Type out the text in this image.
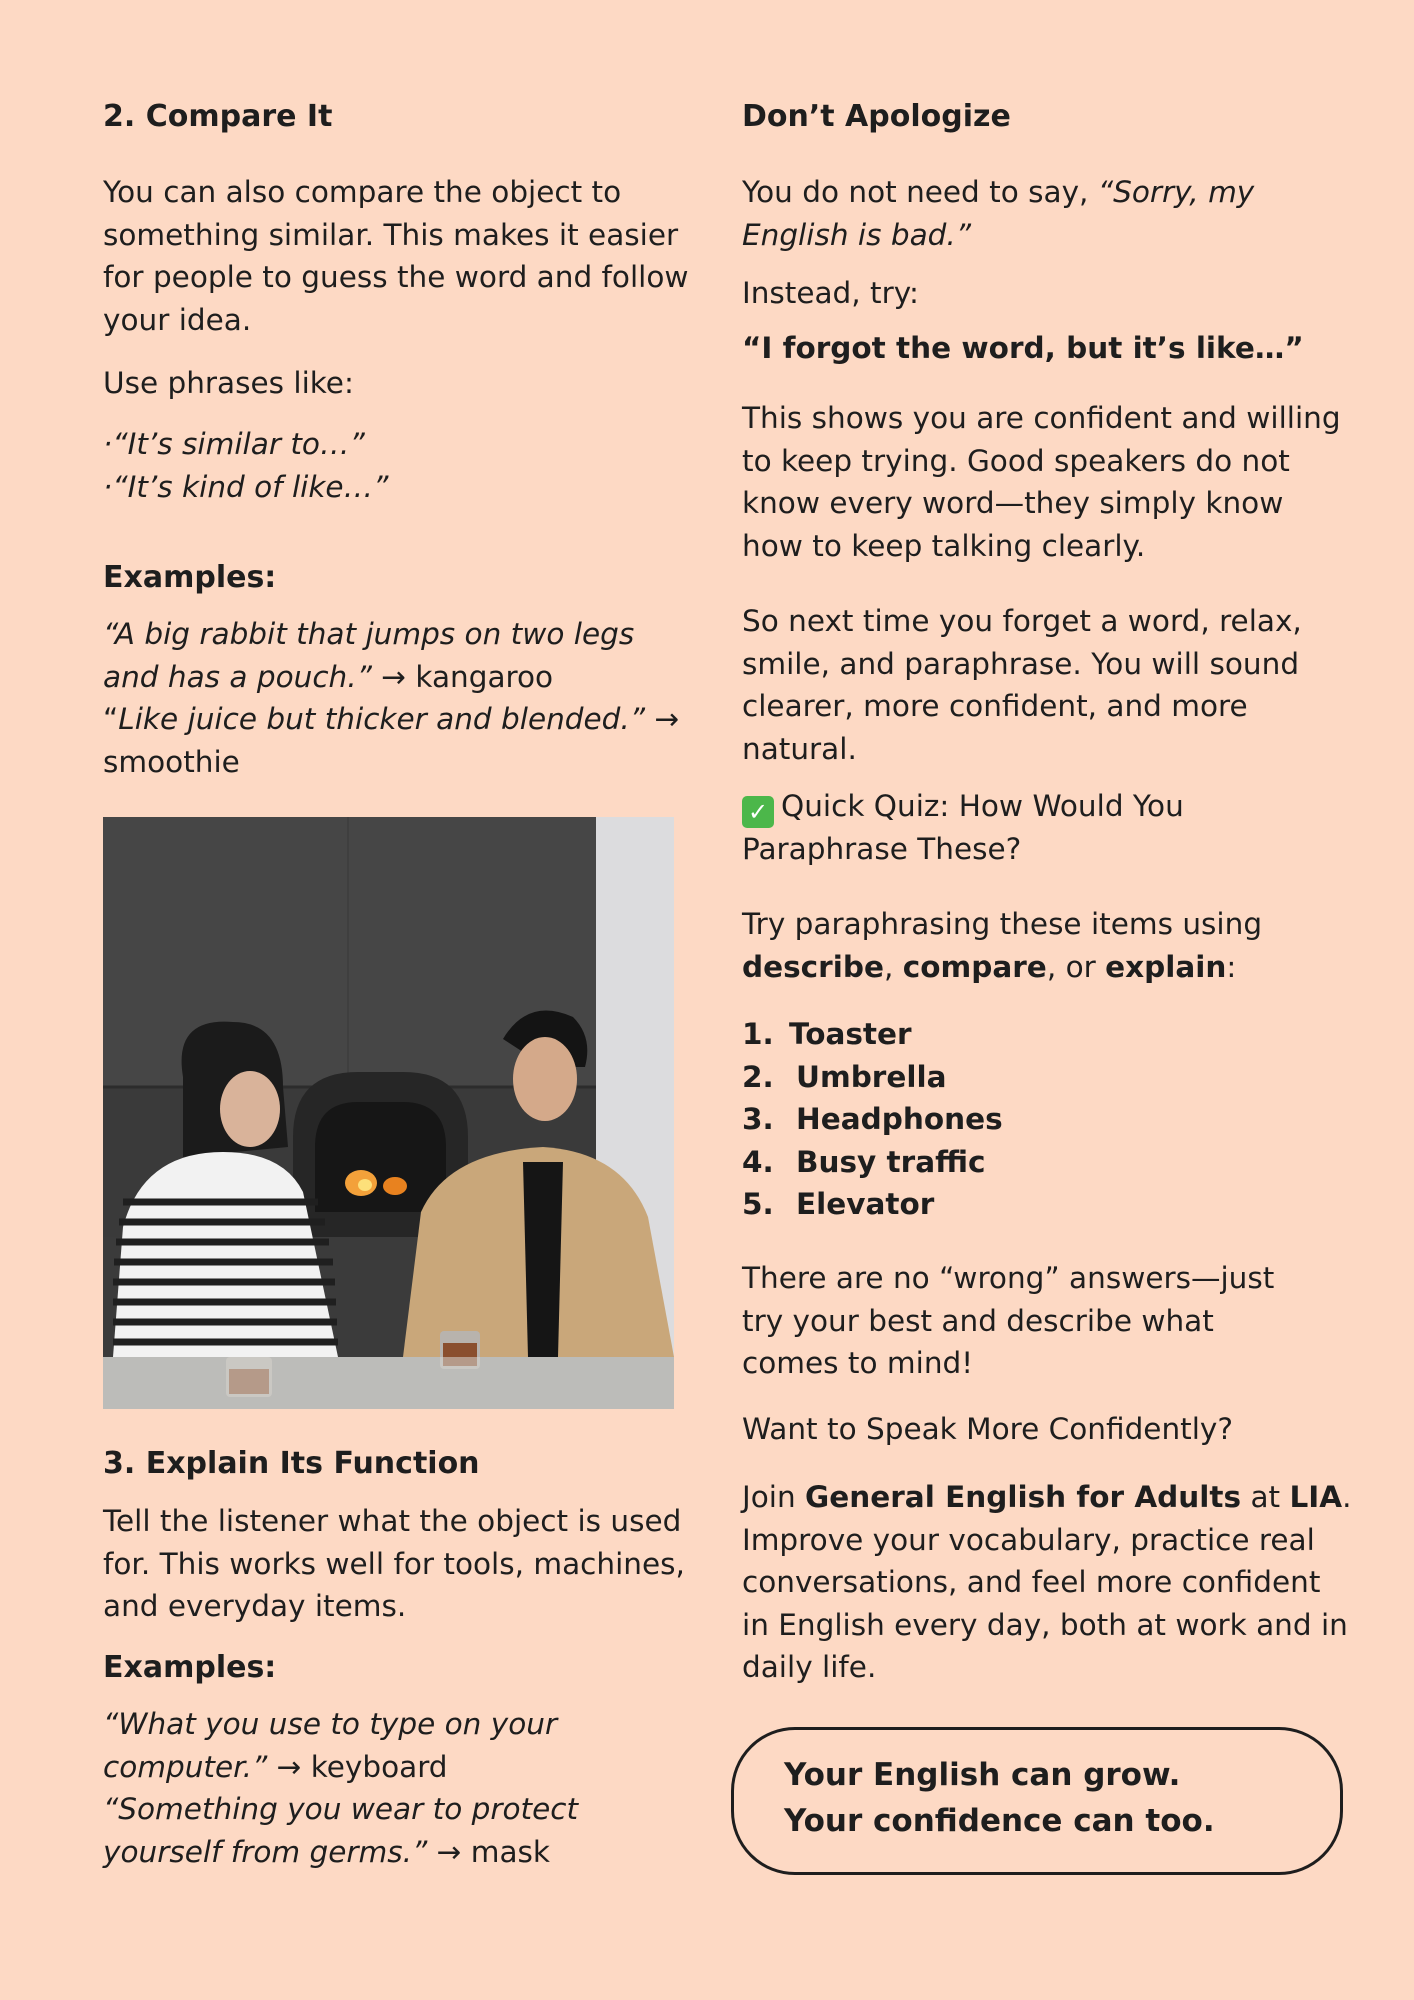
2. Compare It

You can also compare the object to something similar. This makes it easier for people to guess the word and follow your idea.

Use phrases like:

·“It’s similar to…”
·“It’s kind of like…”
Examples:
“A big rabbit that jumps on two legs and has a pouch.” → kangaroo
“Like juice but thicker and blended.” → smoothie
3. Explain Its Function

Tell the listener what the object is used for. This works well for tools, machines, and everyday items.

Examples:
“What you use to type on your computer.” → keyboard
“Something you wear to protect yourself from germs.” → mask
Don’t Apologize

You do not need to say, “Sorry, my English is bad.”

Instead, try:

“I forgot the word, but it’s like…”

This shows you are confident and willing to keep trying. Good speakers do not know every word—they simply know how to keep talking clearly.

So next time you forget a word, relax, smile, and paraphrase. You will sound clearer, more confident, and more natural.

✓ Quick Quiz: How Would You Paraphrase These?

Try paraphrasing these items using describe, compare, or explain:

1. Toaster
2. Umbrella
3. Headphones
4. Busy traffic
5. Elevator

There are no “wrong” answers—just try your best and describe what comes to mind!

Want to Speak More Confidently?

Join General English for Adults at LIA. Improve your vocabulary, practice real conversations, and feel more confident in English every day, both at work and in daily life.

Your English can grow.
Your confidence can too.
